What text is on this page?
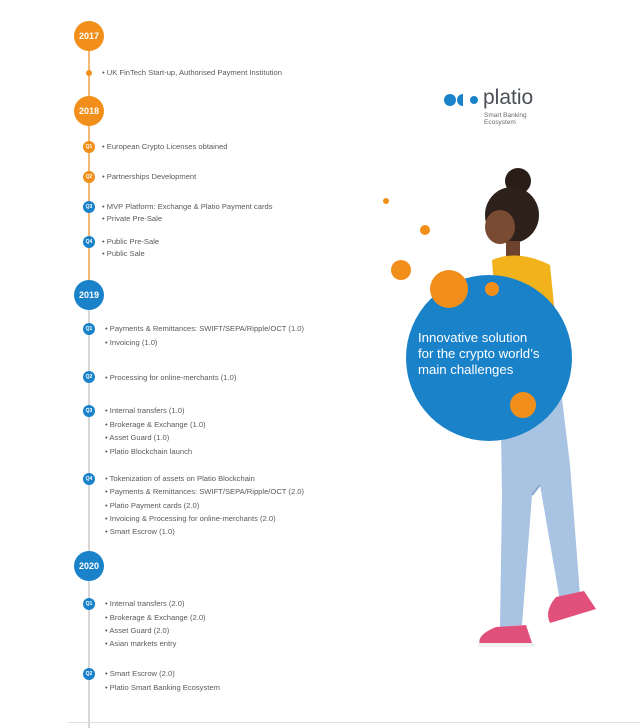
2017
• UK FinTech Start-up, Authorised Payment Institution
2018
Q1	• European Crypto Licenses obtained
Q2	• Partnerships Development
Q3	• MVP Platform: Exchange & Platio Payment cards
• Private Pre-Sale
Q4	• Public Pre-Sale
• Public Sale
2019
Q1	• Payments & Remittances: SWIFT/SEPA/Ripple/OCT (1.0)
• Invoicing (1.0)
Q2	• Processing for online-merchants (1.0)
Q3	• Internal transfers (1.0)
• Brokerage & Exchange (1.0)
• Asset Guard (1.0)
• Platio Blockchain launch
Q4	• Tokenization of assets on Platio Blockchain
• Payments & Remittances: SWIFT/SEPA/Ripple/OCT (2.0)
• Platio Payment cards (2.0)
• Invoicing & Processing for online-merchants (2.0)
• Smart Escrow (1.0)
2020
Q1	• Internal transfers (2.0)
• Brokerage & Exchange (2.0)
• Asset Guard (2.0)
• Asian markets entry
Q2	• Smart Escrow (2.0)
• Platio Smart Banking Ecosystem
platio
Smart Banking
Ecosystem
Innovative solution
for the crypto world’s
main challenges
